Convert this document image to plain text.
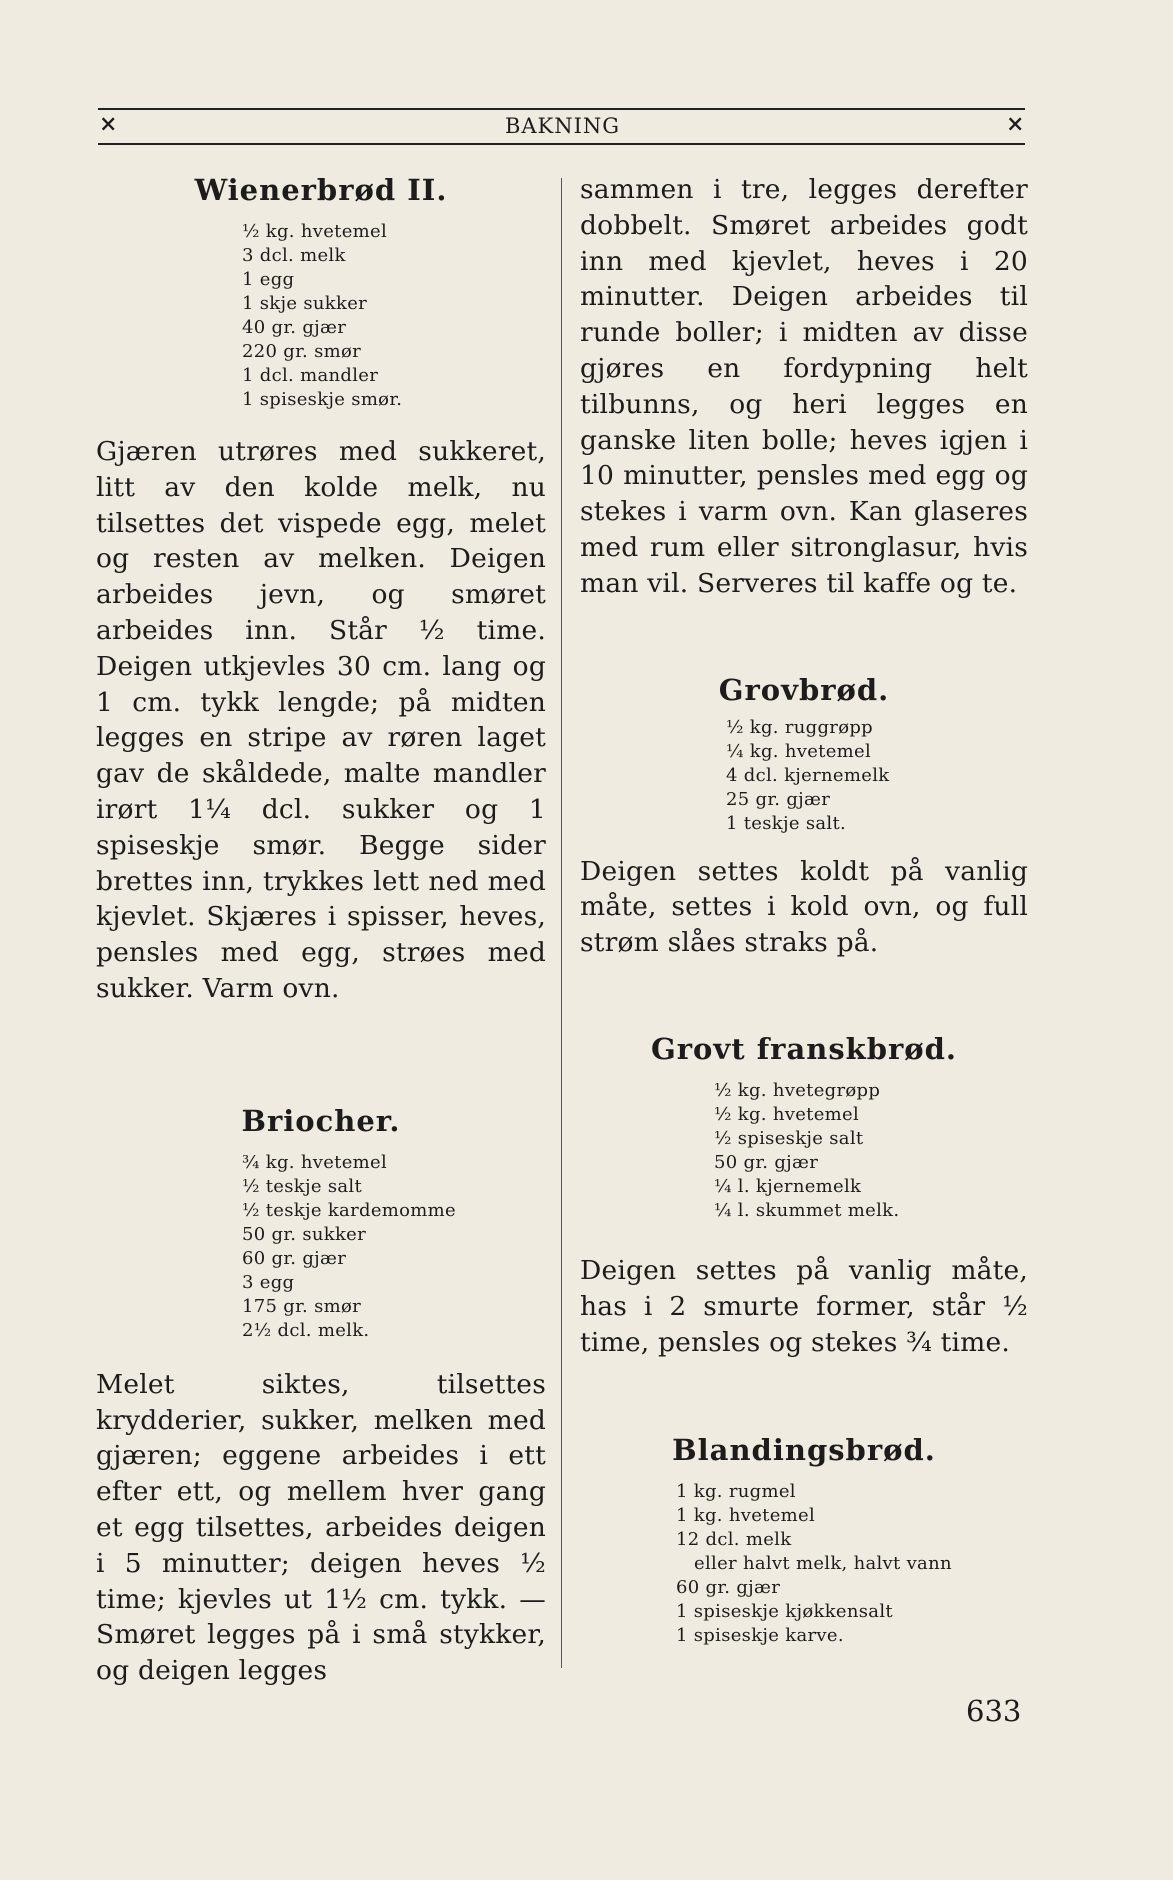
×	BAKNING	×
Wienerbrød II.
½ kg. hvetemel
3 dcl. melk
1 egg
1 skje sukker
40 gr. gjær
220 gr. smør
1 dcl. mandler
1 spiseskje smør.

Gjæren utrøres med sukkeret, litt av den kolde melk, nu tilsettes det vispede egg, melet og resten av melken. Deigen arbeides jevn, og smøret arbeides inn. Står ½ time. Deigen utkjevles 30 cm. lang og 1 cm. tykk lengde; på midten legges en stripe av røren laget gav de skåldede, malte mandler irørt 1¼ dcl. sukker og 1 spiseskje smør. Begge sider brettes inn, trykkes lett ned med kjevlet. Skjæres i spisser, heves, pensles med egg, strøes med sukker. Varm ovn.

Briocher.
¾ kg. hvetemel
½ teskje salt
½ teskje kardemomme
50 gr. sukker
60 gr. gjær
3 egg
175 gr. smør
2½ dcl. melk.

Melet siktes, tilsettes krydderier, sukker, melken med gjæren; eggene arbeides i ett efter ett, og mellem hver gang et egg tilsettes, arbeides deigen i 5 minutter; deigen heves ½ time; kjevles ut 1½ cm. tykk. — Smøret legges på i små stykker, og deigen legges

sammen i tre, legges derefter dobbelt. Smøret arbeides godt inn med kjevlet, heves i 20 minutter. Deigen arbeides til runde boller; i midten av disse gjøres en fordypning helt tilbunns, og heri legges en ganske liten bolle; heves igjen i 10 minutter, pensles med egg og stekes i varm ovn. Kan glaseres med rum eller sitronglasur, hvis man vil. Serveres til kaffe og te.

Grovbrød.
½ kg. ruggrøpp
¼ kg. hvetemel
4 dcl. kjernemelk
25 gr. gjær
1 teskje salt.

Deigen settes koldt på vanlig måte, settes i kold ovn, og full strøm slåes straks på.

Grovt franskbrød.
½ kg. hvetegrøpp
½ kg. hvetemel
½ spiseskje salt
50 gr. gjær
¼ l. kjernemelk
¼ l. skummet melk.

Deigen settes på vanlig måte, has i 2 smurte former, står ½ time, pensles og stekes ¾ time.

Blandingsbrød.
1 kg. rugmel
1 kg. hvetemel
12 dcl. melk
eller halvt melk, halvt vann
60 gr. gjær
1 spiseskje kjøkkensalt
1 spiseskje karve.
633
